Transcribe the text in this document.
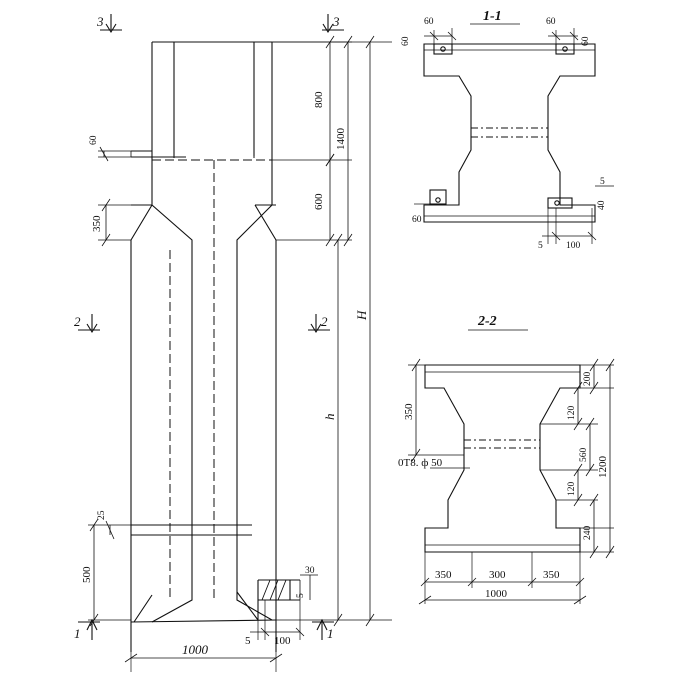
3	3
2	2
1	1
800
1400
600
H
h
60
350
25
500
1000
5 100
30
5
1-1
60
60
60
60
60
5 100
5
40
2-2
0T8. ф 50
350
200
120
560
120
240
1200
350	300	350
1000
